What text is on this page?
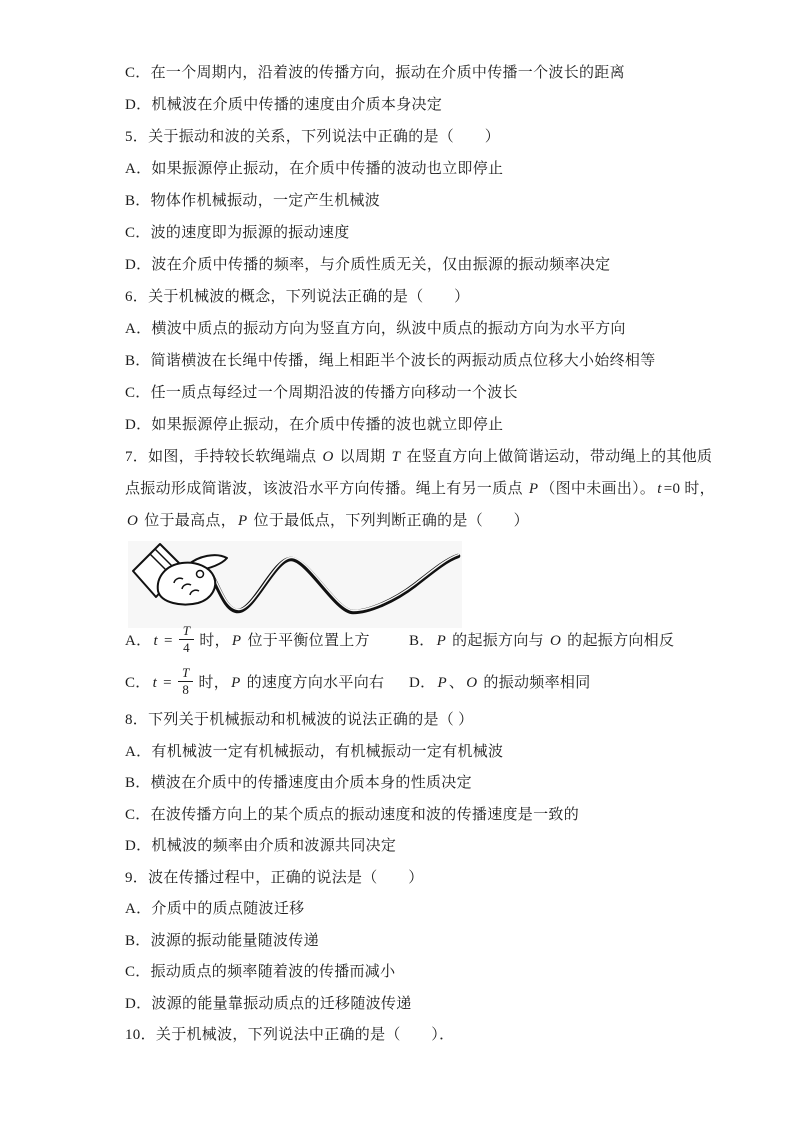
C．在一个周期内，沿着波的传播方向，振动在介质中传播一个波长的距离

D．机械波在介质中传播的速度由介质本身决定

5．关于振动和波的关系，下列说法中正确的是（　　）

A．如果振源停止振动，在介质中传播的波动也立即停止

B．物体作机械振动，一定产生机械波

C．波的速度即为振源的振动速度

D．波在介质中传播的频率，与介质性质无关，仅由振源的振动频率决定

6．关于机械波的概念，下列说法正确的是（　　）

A．横波中质点的振动方向为竖直方向，纵波中质点的振动方向为水平方向

B．简谐横波在长绳中传播，绳上相距半个波长的两振动质点位移大小始终相等

C．任一质点每经过一个周期沿波的传播方向移动一个波长

D．如果振源停止振动，在介质中传播的波也就立即停止

7．如图，手持较长软绳端点 O 以周期 T 在竖直方向上做简谐运动，带动绳上的其他质

点振动形成简谐波，该波沿水平方向传播。绳上有另一质点 P （图中未画出）。 t =0 时，

O 位于最高点， P 位于最低点，下列判断正确的是（　　）

A． $t = \frac{T}{4}$ 时， P 位于平衡位置上方	B． P 的起振方向与 O 的起振方向相反

C． $t = \frac{T}{8}$ 时， P 的速度方向水平向右	D． P 、 O 的振动频率相同

8．下列关于机械振动和机械波的说法正确的是（ ）

A．有机械波一定有机械振动，有机械振动一定有机械波

B．横波在介质中的传播速度由介质本身的性质决定

C．在波传播方向上的某个质点的振动速度和波的传播速度是一致的

D．机械波的频率由介质和波源共同决定

9．波在传播过程中，正确的说法是（　　）

A．介质中的质点随波迁移

B．波源的振动能量随波传递

C．振动质点的频率随着波的传播而减小

D．波源的能量靠振动质点的迁移随波传递

10．关于机械波，下列说法中正确的是（　　）．
